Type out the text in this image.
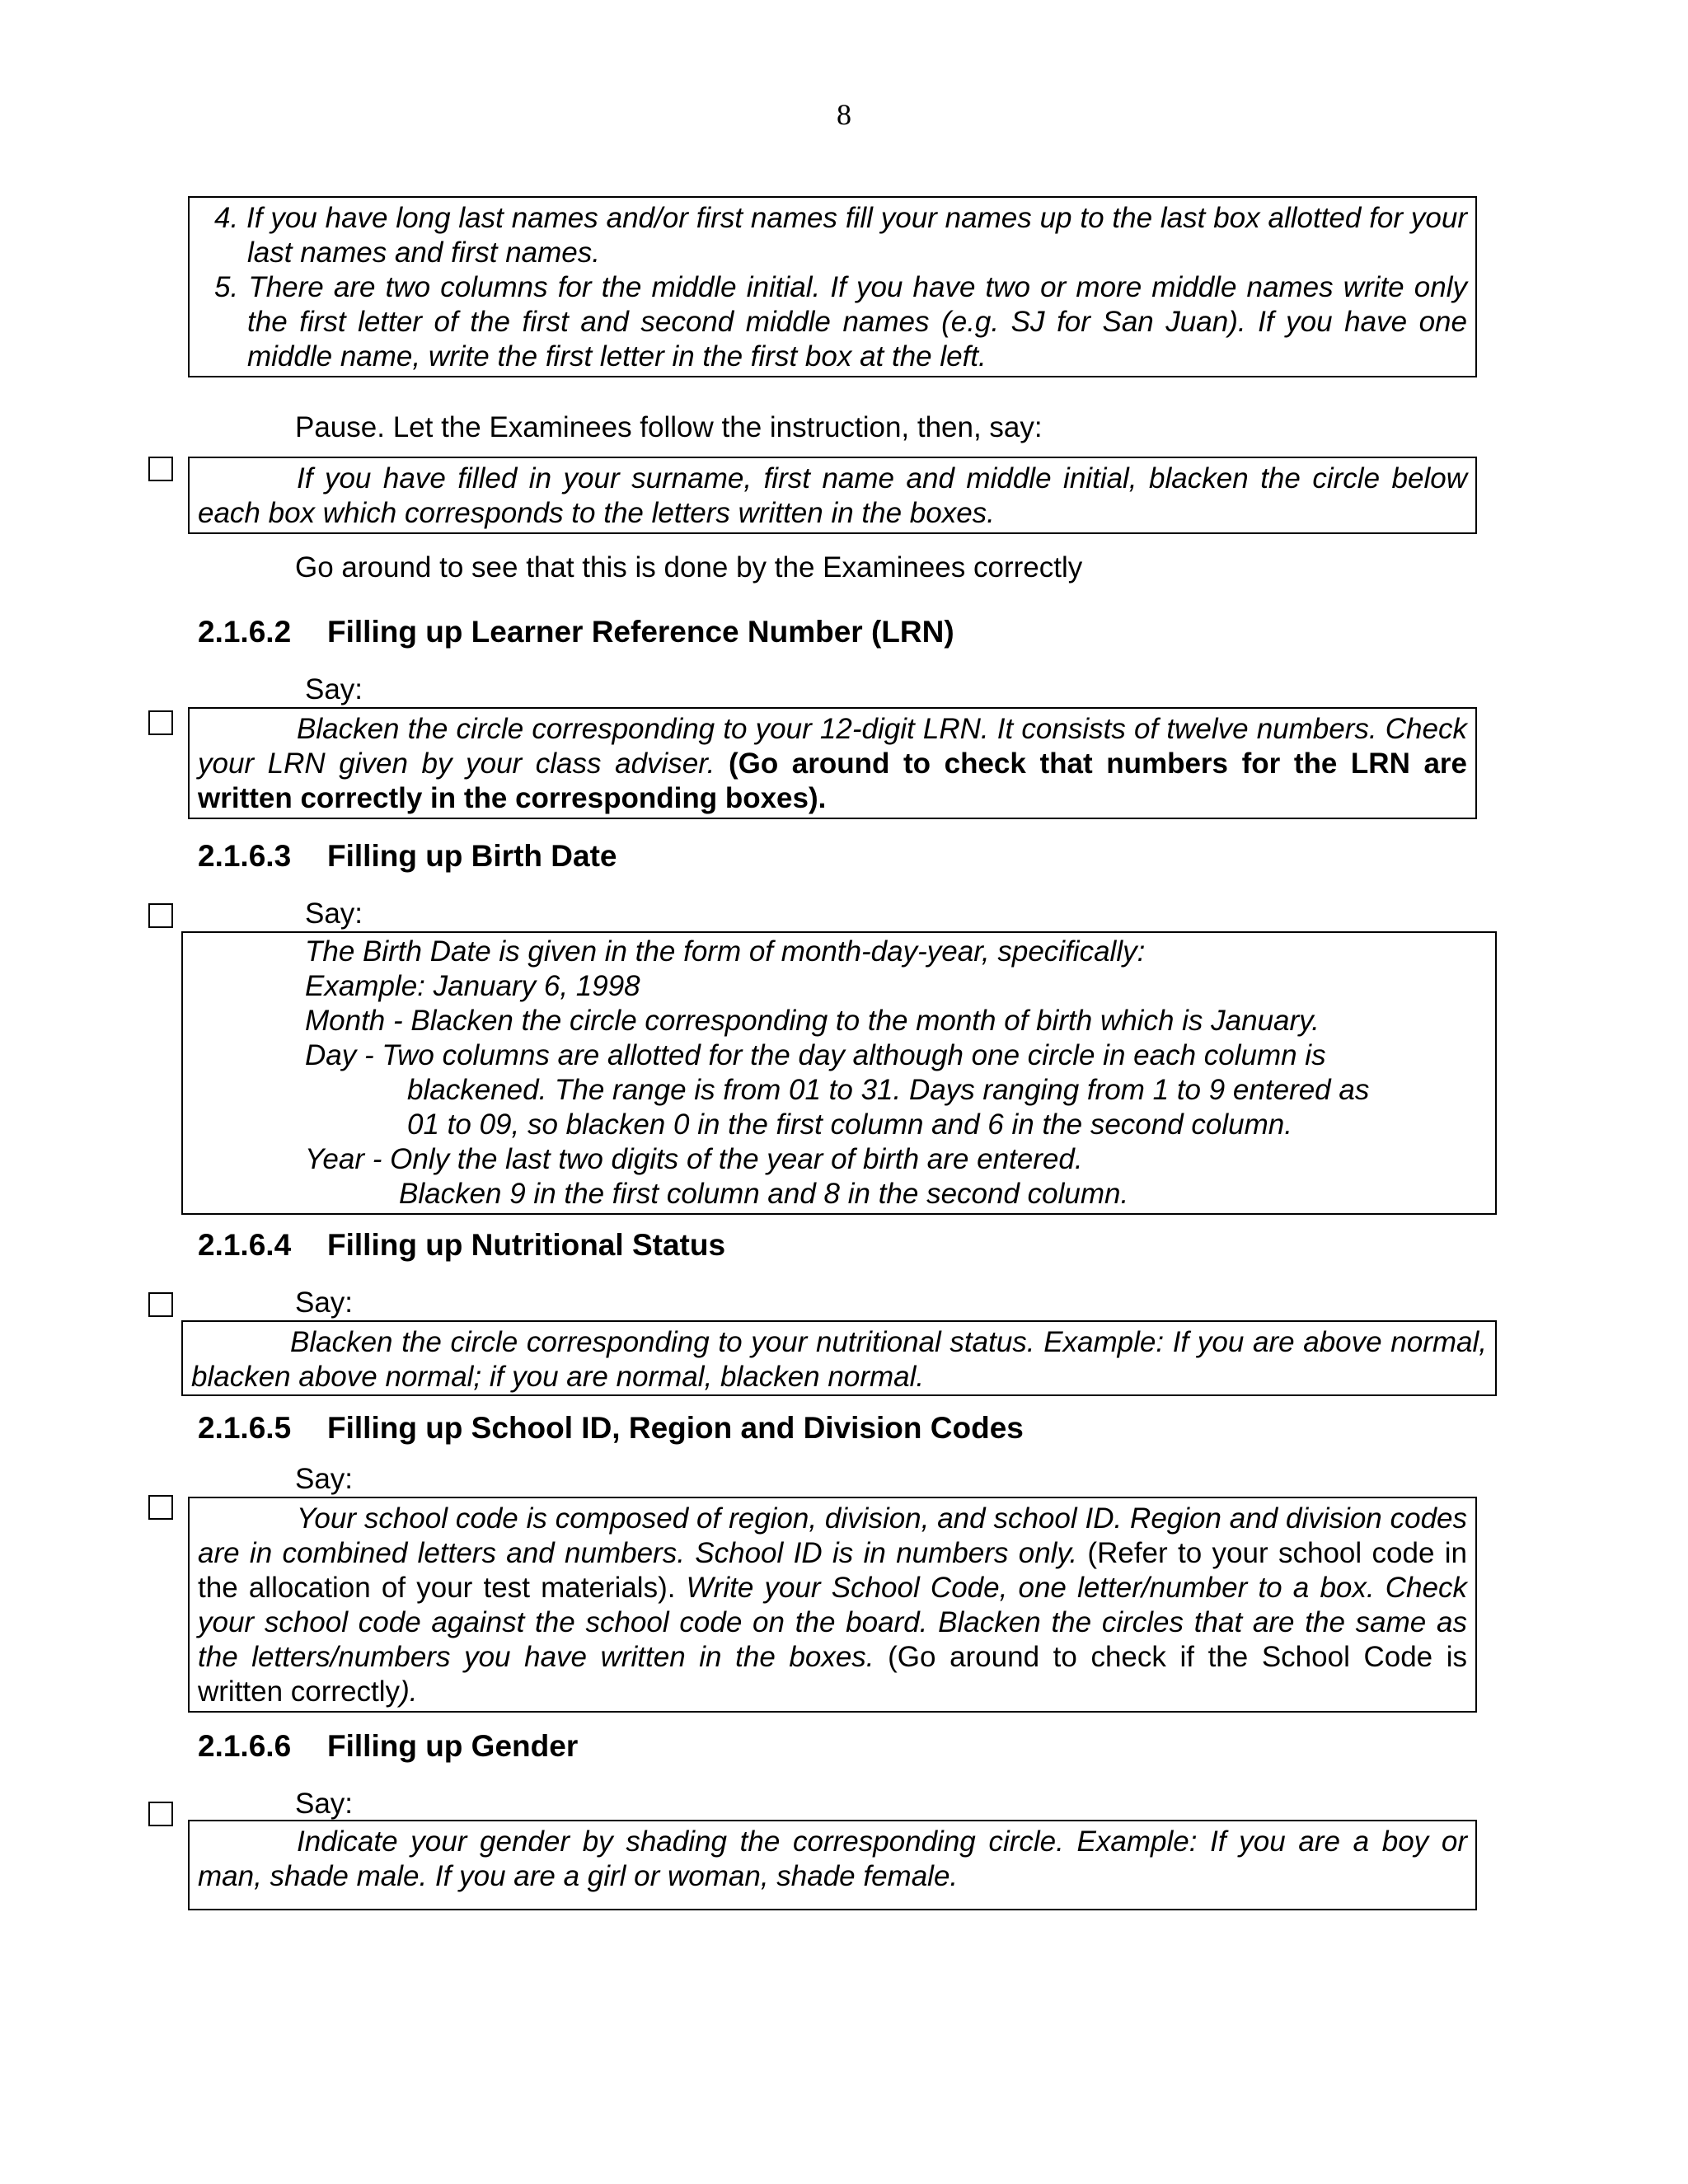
8

4. If you have long last names and/or first names fill your names up to the last box allotted for your last names and first names.

5. There are two columns for the middle initial. If you have two or more middle names write only the first letter of the first and second middle names (e.g. SJ for San Juan). If you have one middle name, write the first letter in the first box at the left.

Pause. Let the Examinees follow the instruction, then, say:

If you have filled in your surname, first name and middle initial, blacken the circle below each box which corresponds to the letters written in the boxes.

Go around to see that this is done by the Examinees correctly
2.1.6.2 Filling up Learner Reference Number (LRN)
Say:

Blacken the circle corresponding to your 12-digit LRN. It consists of twelve numbers. Check your LRN given by your class adviser. (Go around to check that numbers for the LRN are written correctly in the corresponding boxes).

2.1.6.3 Filling up Birth Date
Say:
The Birth Date is given in the form of month-day-year, specifically:
Example: January 6, 1998
Month - Blacken the circle corresponding to the month of birth which is January.
Day - Two columns are allotted for the day although one circle in each column is
blackened. The range is from 01 to 31. Days ranging from 1 to 9 entered as
01 to 09, so blacken 0 in the first column and 6 in the second column.
Year - Only the last two digits of the year of birth are entered.
Blacken 9 in the first column and 8 in the second column.
2.1.6.4 Filling up Nutritional Status
Say:

Blacken the circle corresponding to your nutritional status. Example: If you are above normal, blacken above normal; if you are normal, blacken normal.

2.1.6.5 Filling up School ID, Region and Division Codes
Say:

Your school code is composed of region, division, and school ID. Region and division codes are in combined letters and numbers. School ID is in numbers only. (Refer to your school code in the allocation of your test materials). Write your School Code, one letter/number to a box. Check your school code against the school code on the board. Blacken the circles that are the same as the letters/numbers you have written in the boxes. (Go around to check if the School Code is written correctly).

2.1.6.6 Filling up Gender
Say:

Indicate your gender by shading the corresponding circle. Example: If you are a boy or man, shade male. If you are a girl or woman, shade female.
